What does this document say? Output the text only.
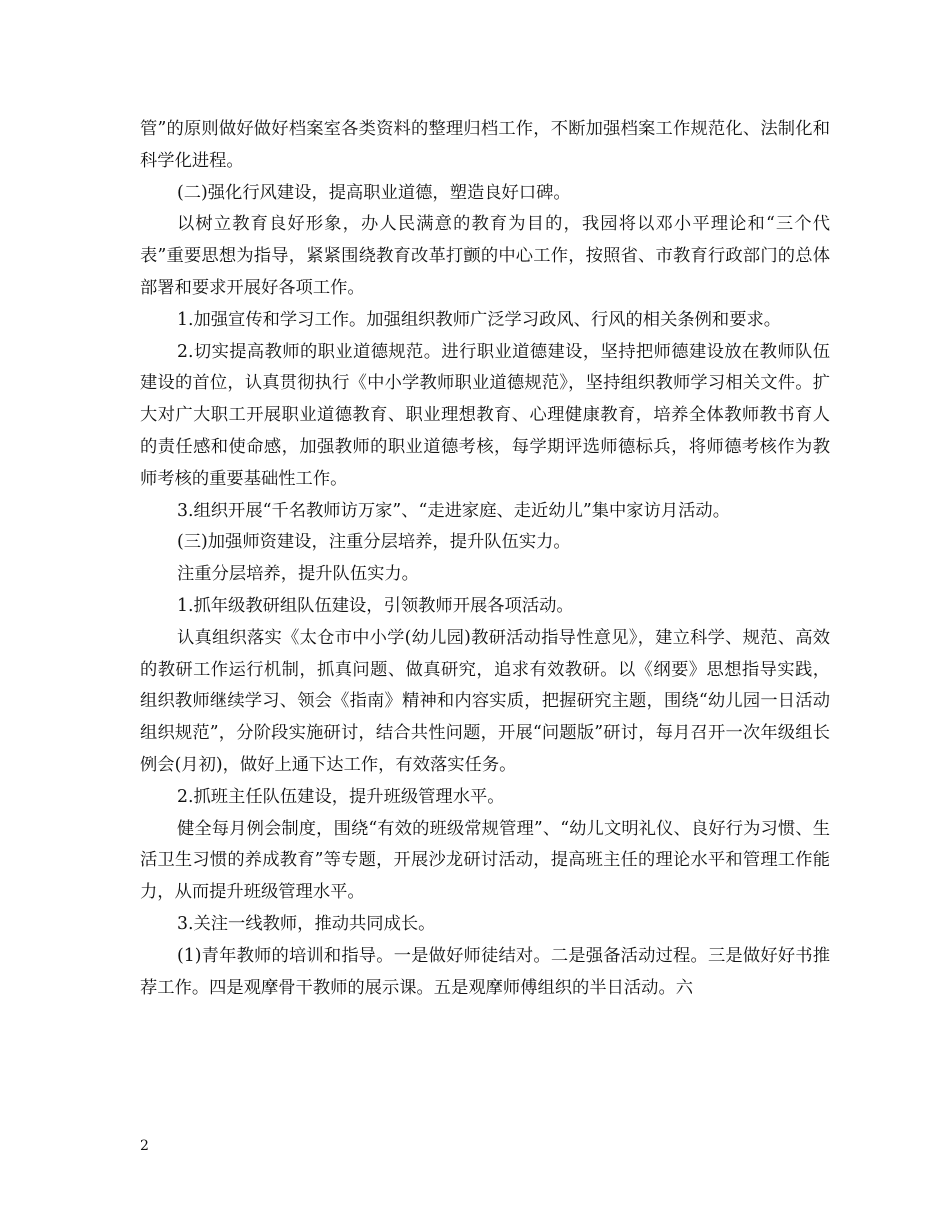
管”的原则做好做好档案室各类资料的整理归档工作，不断加强档案工作规范化、法制化和科学化进程。

(二)强化行风建设，提高职业道德，塑造良好口碑。

以树立教育良好形象，办人民满意的教育为目的，我园将以邓小平理论和“三个代表”重要思想为指导，紧紧围绕教育改革打颤的中心工作，按照省、市教育行政部门的总体部署和要求开展好各项工作。

1.加强宣传和学习工作。加强组织教师广泛学习政风、行风的相关条例和要求。

2.切实提高教师的职业道德规范。进行职业道德建设，坚持把师德建设放在教师队伍建设的首位，认真贯彻执行《中小学教师职业道德规范》，坚持组织教师学习相关文件。扩大对广大职工开展职业道德教育、职业理想教育、心理健康教育，培养全体教师教书育人的责任感和使命感，加强教师的职业道德考核，每学期评选师德标兵，将师德考核作为教师考核的重要基础性工作。

3.组织开展“千名教师访万家”、“走进家庭、走近幼儿”集中家访月活动。

(三)加强师资建设，注重分层培养，提升队伍实力。

注重分层培养，提升队伍实力。

1.抓年级教研组队伍建设，引领教师开展各项活动。

认真组织落实《太仓市中小学(幼儿园)教研活动指导性意见》，建立科学、规范、高效的教研工作运行机制，抓真问题、做真研究，追求有效教研。以《纲要》思想指导实践，组织教师继续学习、领会《指南》精神和内容实质，把握研究主题，围绕“幼儿园一日活动组织规范”，分阶段实施研讨，结合共性问题，开展“问题版”研讨，每月召开一次年级组长例会(月初)，做好上通下达工作，有效落实任务。

2.抓班主任队伍建设，提升班级管理水平。

健全每月例会制度，围绕“有效的班级常规管理”、“幼儿文明礼仪、良好行为习惯、生活卫生习惯的养成教育”等专题，开展沙龙研讨活动，提高班主任的理论水平和管理工作能力，从而提升班级管理水平。

3.关注一线教师，推动共同成长。

(1)青年教师的培训和指导。一是做好师徒结对。二是强备活动过程。三是做好好书推荐工作。四是观摩骨干教师的展示课。五是观摩师傅组织的半日活动。六

2
